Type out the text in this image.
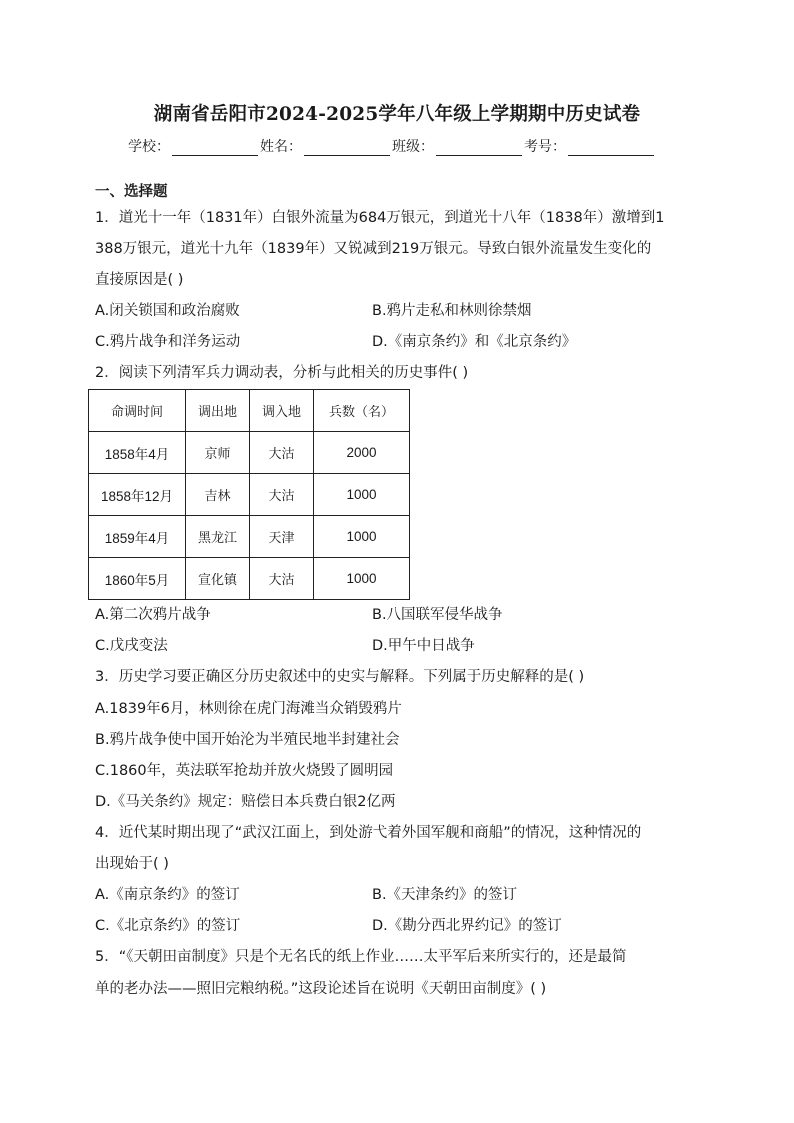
湖南省岳阳市2024-2025学年八年级上学期期中历史试卷
学校：	姓名：	班级：	考号：
一、选择题
1．道光十一年（1831年）白银外流量为684万银元，到道光十八年（1838年）激增到1
388万银元，道光十九年（1839年）又锐减到219万银元。导致白银外流量发生变化的
直接原因是( )
A.闭关锁国和政治腐败	B.鸦片走私和林则徐禁烟
C.鸦片战争和洋务运动	D.《南京条约》和《北京条约》
2．阅读下列清军兵力调动表，分析与此相关的历史事件( )
命调时间	调出地	调入地	兵数（名）
1858年4月	京师	大沽	2000
1858年12月	吉林	大沽	1000
1859年4月	黑龙江	天津	1000
1860年5月	宣化镇	大沽	1000
A.第二次鸦片战争	B.八国联军侵华战争
C.戊戌变法	D.甲午中日战争
3．历史学习要正确区分历史叙述中的史实与解释。下列属于历史解释的是( )
A.1839年6月，林则徐在虎门海滩当众销毁鸦片
B.鸦片战争使中国开始沦为半殖民地半封建社会
C.1860年，英法联军抢劫并放火烧毁了圆明园
D.《马关条约》规定：赔偿日本兵费白银2亿两
4．近代某时期出现了“武汉江面上，到处游弋着外国军舰和商船”的情况，这种情况的
出现始于( )
A.《南京条约》的签订	B.《天津条约》的签订
C.《北京条约》的签订	D.《勘分西北界约记》的签订
5．“《天朝田亩制度》只是个无名氏的纸上作业……太平军后来所实行的，还是最简
单的老办法——照旧完粮纳税。”这段论述旨在说明《天朝田亩制度》( )
